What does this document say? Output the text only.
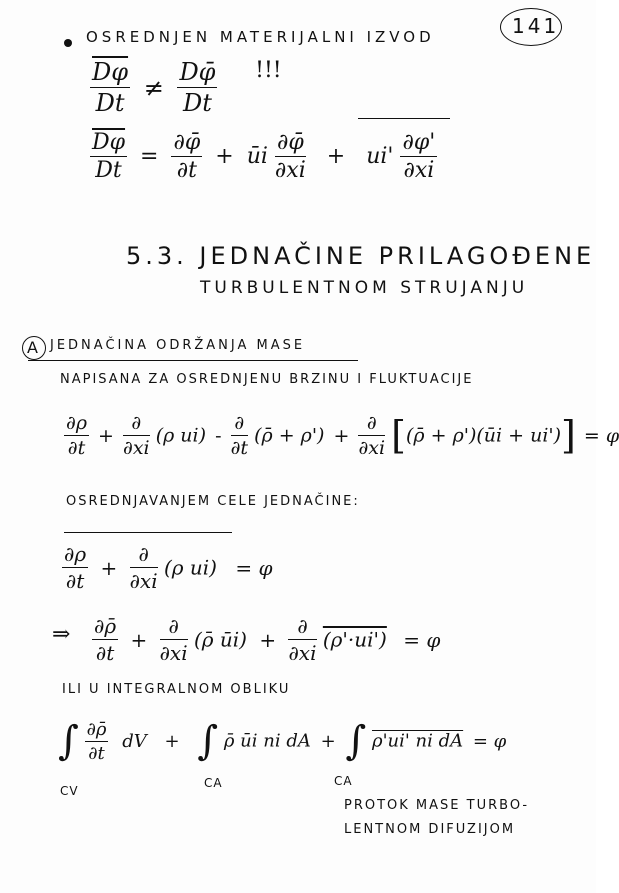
141
OSREDNJEN MATERIJALNI IZVOD
$\frac{\overline{D\varphi}}{Dt} \ne \frac{D\varphī}{Dt}$ !!!
$\frac{\overline{D\varphi}}{Dt} = \frac{\partial\varphī}{\partial t}$ + ūi $\frac{\partial\varphī}{\partial xi} + ui' \frac{\partial\varphi'}{\partial xi}$
5.3. JEDNAČINE PRILAGOĐENE
TURBULENTNOM STRUJANJU
A JEDNAČINA ODRŽANJA MASE
NAPISANA ZA OSREDNJENU BRZINU I FLUKTUACIJE
$\frac{\partial\rho}{\partial t} + \frac{\partial}{\partial xi} (\rho$ $ui) - \frac{\partial}{\partial t}$ (ρ̄ + $\rho') + \frac{\partial}{\partial xi}$ [(ρ̄ + ρ')(ūi + ui')] = φ
OSREDNJAVANJEM CELE JEDNAČINE:
$\frac{\partial\rho}{\partial t} + \frac{\partial}{\partial xi} (\rho$ ui) = φ
⇒ $\frac{\partial\rhō}{\partial t} + \frac{\partial}{\partial xi}$ (ρ̄ ūi) + $\frac{\partial}{\partial xi} (\rho'\cdot ui') = \varphi$
ILI U INTEGRALNOM OBLIKU
∫ $\frac{\partial\rhō}{\partial t}$ dV + ∫ ρ̄ ūi ni dA + ∫ ρ'ui' ni dA = φ
CV
CA	CA
PROTOK MASE TURBO-
LENTNOM DIFUZIJOM
